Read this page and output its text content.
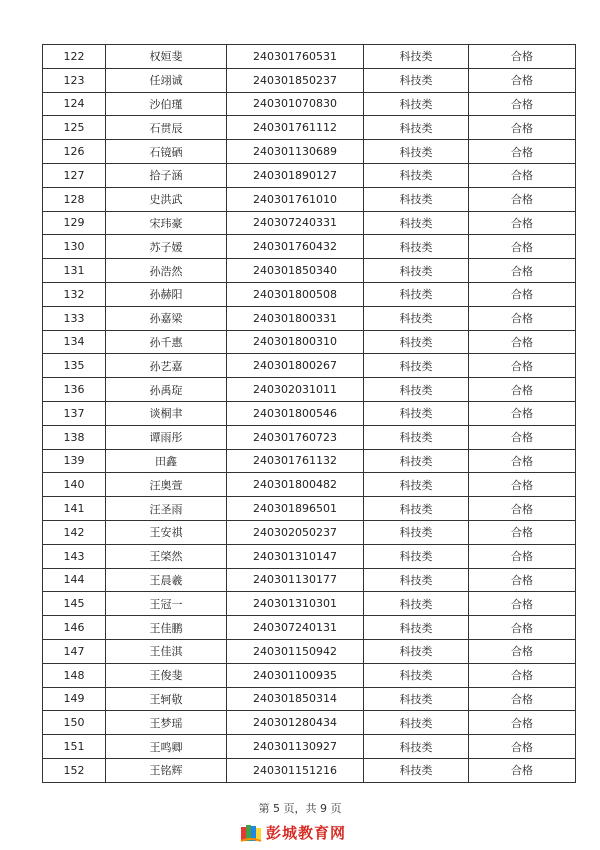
122	权姮斐	240301760531	科技类	合格
123	任翊诚	240301850237	科技类	合格
124	沙伯瑾	240301070830	科技类	合格
125	石贯辰	240301761112	科技类	合格
126	石镜硒	240301130689	科技类	合格
127	拾子涵	240301890127	科技类	合格
128	史洪武	240301761010	科技类	合格
129	宋玮豪	240307240331	科技类	合格
130	苏子媛	240301760432	科技类	合格
131	孙浩然	240301850340	科技类	合格
132	孙赫阳	240301800508	科技类	合格
133	孙嘉梁	240301800331	科技类	合格
134	孙千惠	240301800310	科技类	合格
135	孙艺嘉	240301800267	科技类	合格
136	孙禹琁	240302031011	科技类	合格
137	谈桐聿	240301800546	科技类	合格
138	谭雨彤	240301760723	科技类	合格
139	田鑫	240301761132	科技类	合格
140	汪奥萱	240301800482	科技类	合格
141	汪圣雨	240301896501	科技类	合格
142	王安祺	240302050237	科技类	合格
143	王棨然	240301310147	科技类	合格
144	王晨羲	240301130177	科技类	合格
145	王冠一	240301310301	科技类	合格
146	王佳鹏	240307240131	科技类	合格
147	王佳淇	240301150942	科技类	合格
148	王俊斐	240301100935	科技类	合格
149	王轲敬	240301850314	科技类	合格
150	王梦瑶	240301280434	科技类	合格
151	王鸣卿	240301130927	科技类	合格
152	王铭辉	240301151216	科技类	合格
第 5 页，共 9 页
彭城教育网
